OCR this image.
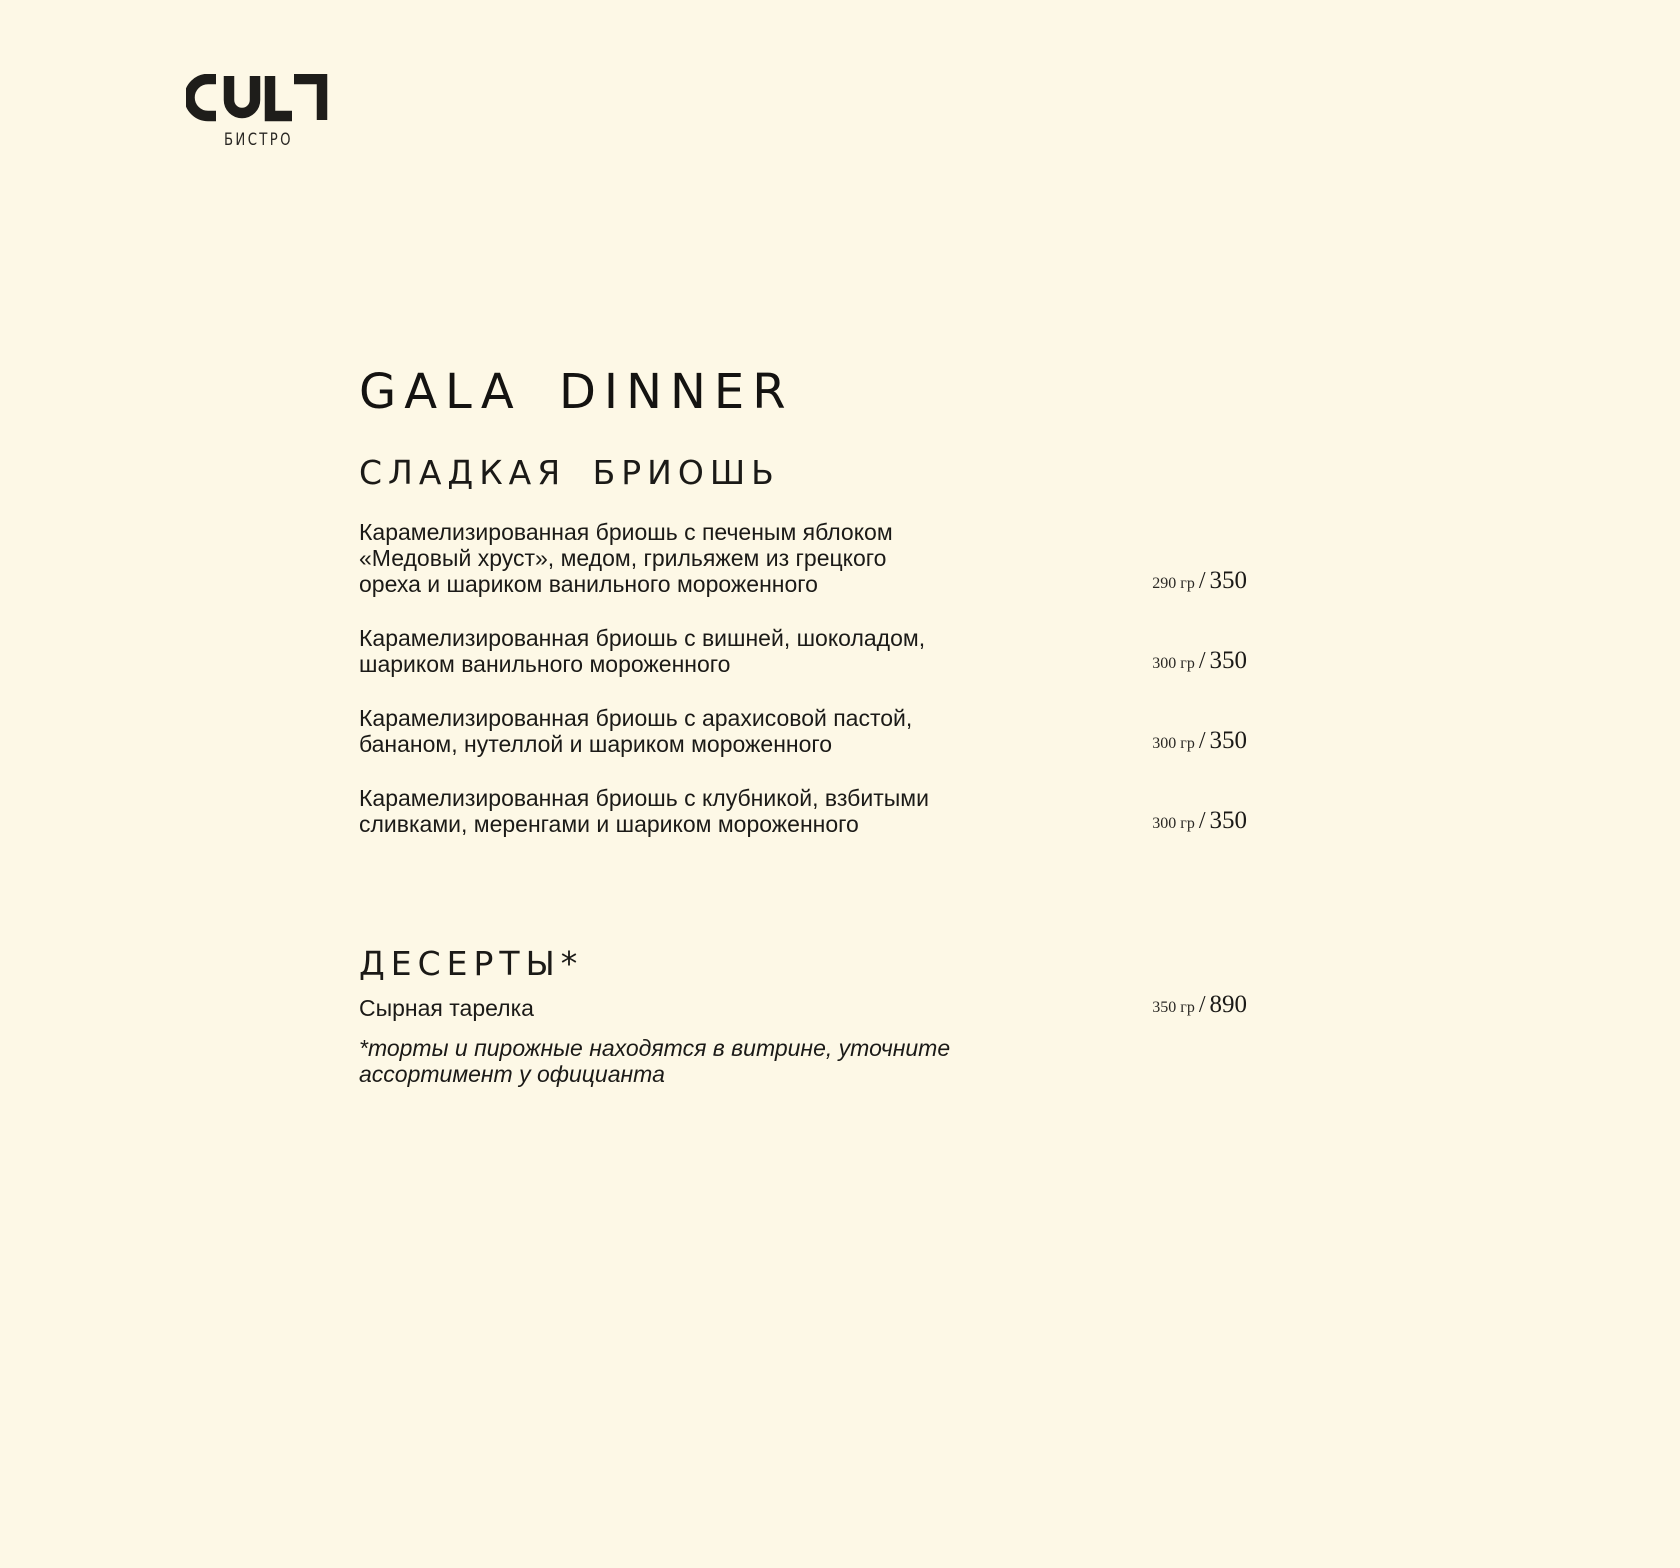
БИСТРО
GALA DINNER
СЛАДКАЯ БРИОШЬ
Карамелизированная бриошь с печеным яблоком
«Медовый хруст», медом, грильяжем из грецкого
ореха и шариком ванильного мороженного	290 гр / 350
Карамелизированная бриошь с вишней, шоколадом,
шариком ванильного мороженного	300 гр / 350
Карамелизированная бриошь с арахисовой пастой,
бананом, нутеллой и шариком мороженного	300 гр / 350
Карамелизированная бриошь с клубникой, взбитыми
сливками, меренгами и шариком мороженного	300 гр / 350
ДЕСЕРТЫ*
Сырная тарелка	350 гр / 890
*торты и пирожные находятся в витрине, уточните
ассортимент у официанта
